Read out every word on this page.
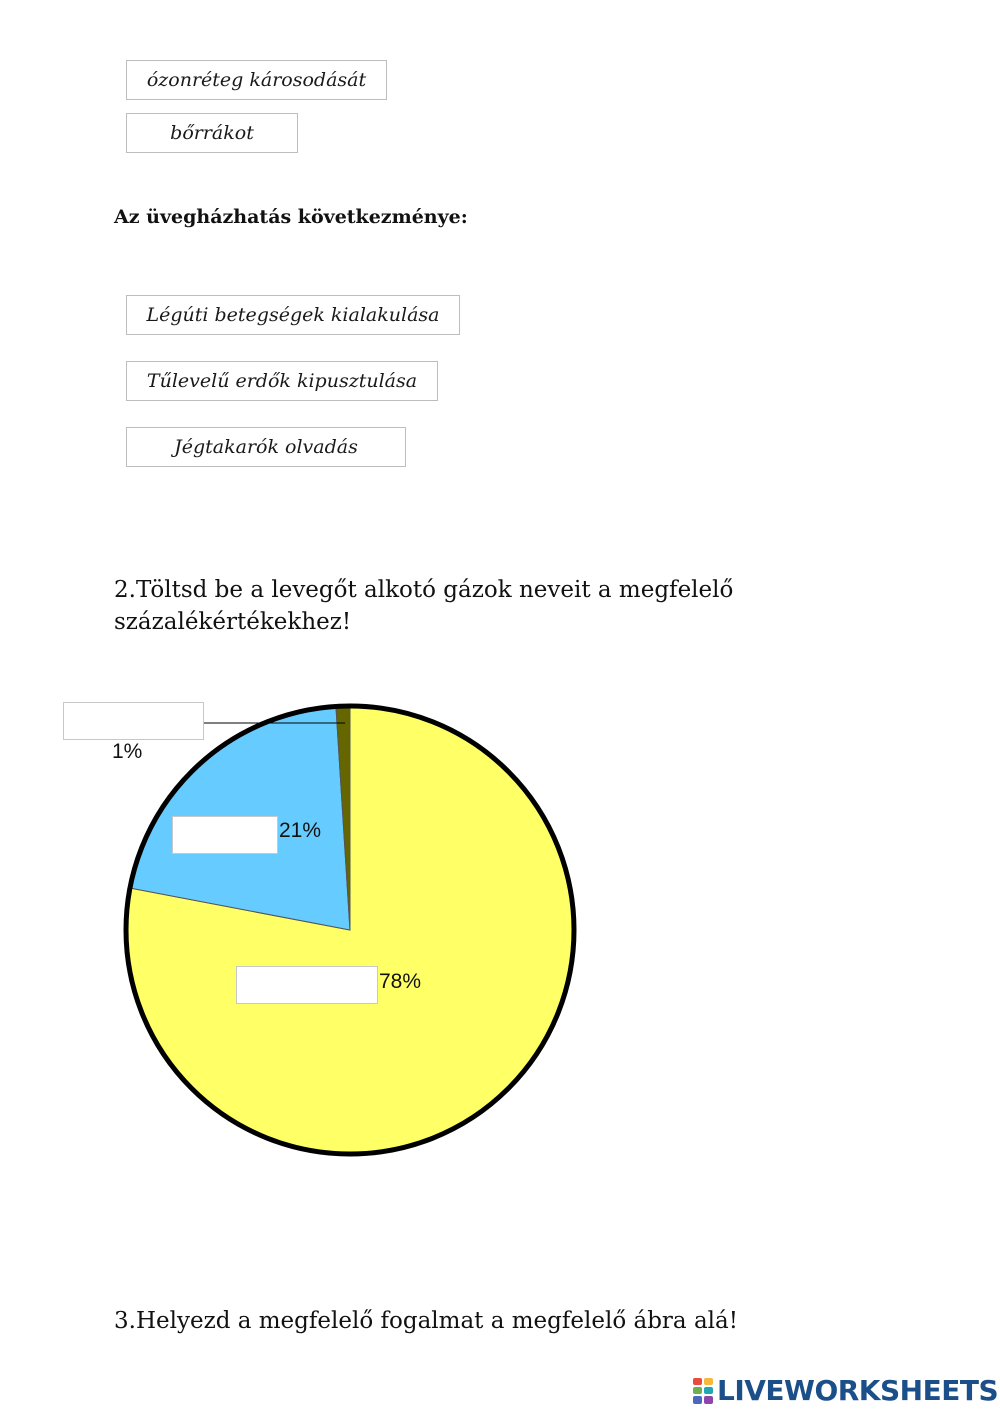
ózonréteg károsodását
bőrrákot
Az üvegházhatás következménye:
Légúti betegségek kialakulása
Tűlevelű erdők kipusztulása
Jégtakarók olvadás
2.Töltsd be a levegőt alkotó gázok neveit a megfelelő százalékértékekhez!
1%
21%
78%
3.Helyezd a megfelelő fogalmat a megfelelő ábra alá!
LIVEWORKSHEETS
